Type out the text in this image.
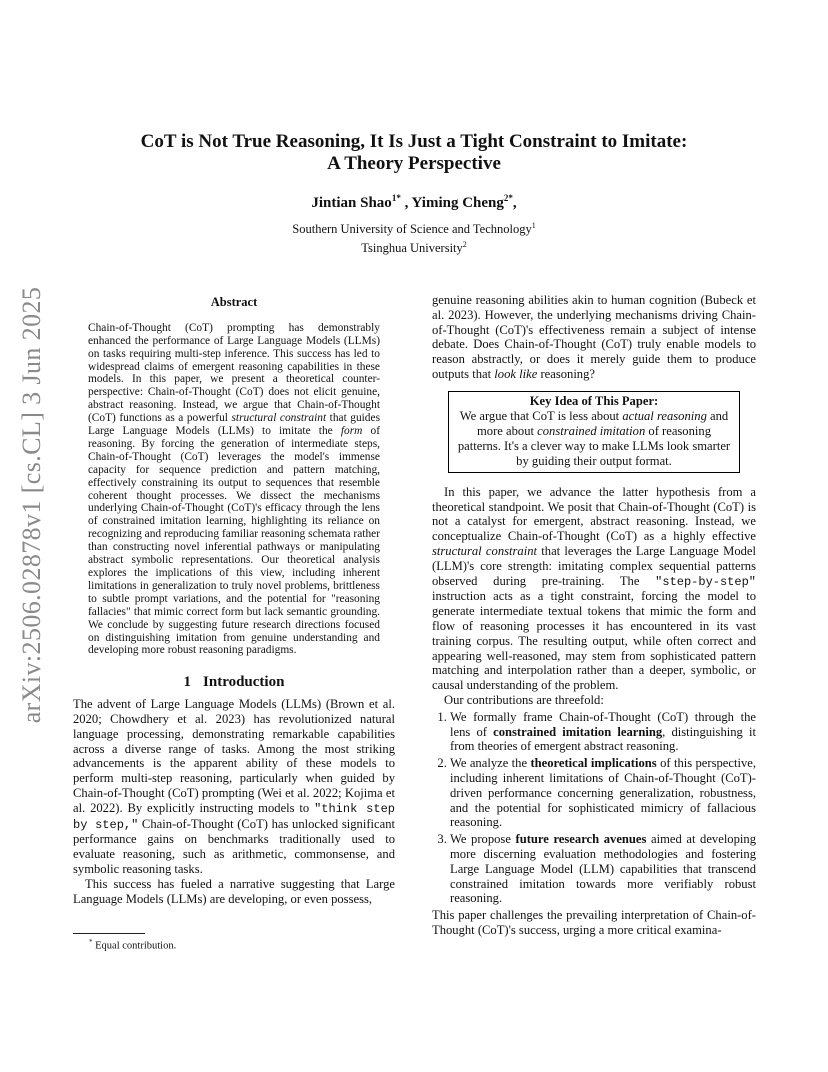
arXiv:2506.02878v1 [cs.CL] 3 Jun 2025
CoT is Not True Reasoning, It Is Just a Tight Constraint to Imitate:
A Theory Perspective
Jintian Shao$^{1*}$ , Yiming Cheng$^{2*}$,
Southern University of Science and Technology$^1$
Tsinghua University$^2$
Abstract
Chain-of-Thought (CoT) prompting has demonstrably enhanced the performance of Large Language Models (LLMs) on tasks requiring multi-step inference. This success has led to widespread claims of emergent reasoning capabilities in these models. In this paper, we present a theoretical counter-perspective: Chain-of-Thought (CoT) does not elicit genuine, abstract reasoning. Instead, we argue that Chain-of-Thought (CoT) functions as a powerful structural constraint that guides Large Language Models (LLMs) to imitate the form of reasoning. By forcing the generation of intermediate steps, Chain-of-Thought (CoT) leverages the model's immense capacity for sequence prediction and pattern matching, effectively constraining its output to sequences that resemble coherent thought processes. We dissect the mechanisms underlying Chain-of-Thought (CoT)'s efficacy through the lens of constrained imitation learning, highlighting its reliance on recognizing and reproducing familiar reasoning schemata rather than constructing novel inferential pathways or manipulating abstract symbolic representations. Our theoretical analysis explores the implications of this view, including inherent limitations in generalization to truly novel problems, brittleness to subtle prompt variations, and the potential for "reasoning fallacies" that mimic correct form but lack semantic grounding. We conclude by suggesting future research directions focused on distinguishing imitation from genuine understanding and developing more robust reasoning paradigms.
1 Introduction

The advent of Large Language Models (LLMs) (Brown et al. 2020; Chowdhery et al. 2023) has revolutionized natural language processing, demonstrating remarkable capabilities across a diverse range of tasks. Among the most striking advancements is the apparent ability of these models to perform multi-step reasoning, particularly when guided by Chain-of-Thought (CoT) prompting (Wei et al. 2022; Kojima et al. 2022). By explicitly instructing models to "think step by step," Chain-of-Thought (CoT) has unlocked significant performance gains on benchmarks traditionally used to evaluate reasoning, such as arithmetic, commonsense, and symbolic reasoning tasks.

This success has fueled a narrative suggesting that Large Language Models (LLMs) are developing, or even possess,

* Equal contribution.

genuine reasoning abilities akin to human cognition (Bubeck et al. 2023). However, the underlying mechanisms driving Chain-of-Thought (CoT)'s effectiveness remain a subject of intense debate. Does Chain-of-Thought (CoT) truly enable models to reason abstractly, or does it merely guide them to produce outputs that look like reasoning?

Key Idea of This Paper:
We argue that CoT is less about actual reasoning and more about constrained imitation of reasoning patterns. It's a clever way to make LLMs look smarter by guiding their output format.

In this paper, we advance the latter hypothesis from a theoretical standpoint. We posit that Chain-of-Thought (CoT) is not a catalyst for emergent, abstract reasoning. Instead, we conceptualize Chain-of-Thought (CoT) as a highly effective structural constraint that leverages the Large Language Model (LLM)'s core strength: imitating complex sequential patterns observed during pre-training. The "step-by-step" instruction acts as a tight constraint, forcing the model to generate intermediate textual tokens that mimic the form and flow of reasoning processes it has encountered in its vast training corpus. The resulting output, while often correct and appearing well-reasoned, may stem from sophisticated pattern matching and interpolation rather than a deeper, symbolic, or causal understanding of the problem.

Our contributions are threefold:

1. We formally frame Chain-of-Thought (CoT) through the lens of constrained imitation learning, distinguishing it from theories of emergent abstract reasoning.
2. We analyze the theoretical implications of this perspective, including inherent limitations of Chain-of-Thought (CoT)-driven performance concerning generalization, robustness, and the potential for sophisticated mimicry of fallacious reasoning.
3. We propose future research avenues aimed at developing more discerning evaluation methodologies and fostering Large Language Model (LLM) capabilities that transcend constrained imitation towards more verifiably robust reasoning.

This paper challenges the prevailing interpretation of Chain-of-Thought (CoT)'s success, urging a more critical examina-
